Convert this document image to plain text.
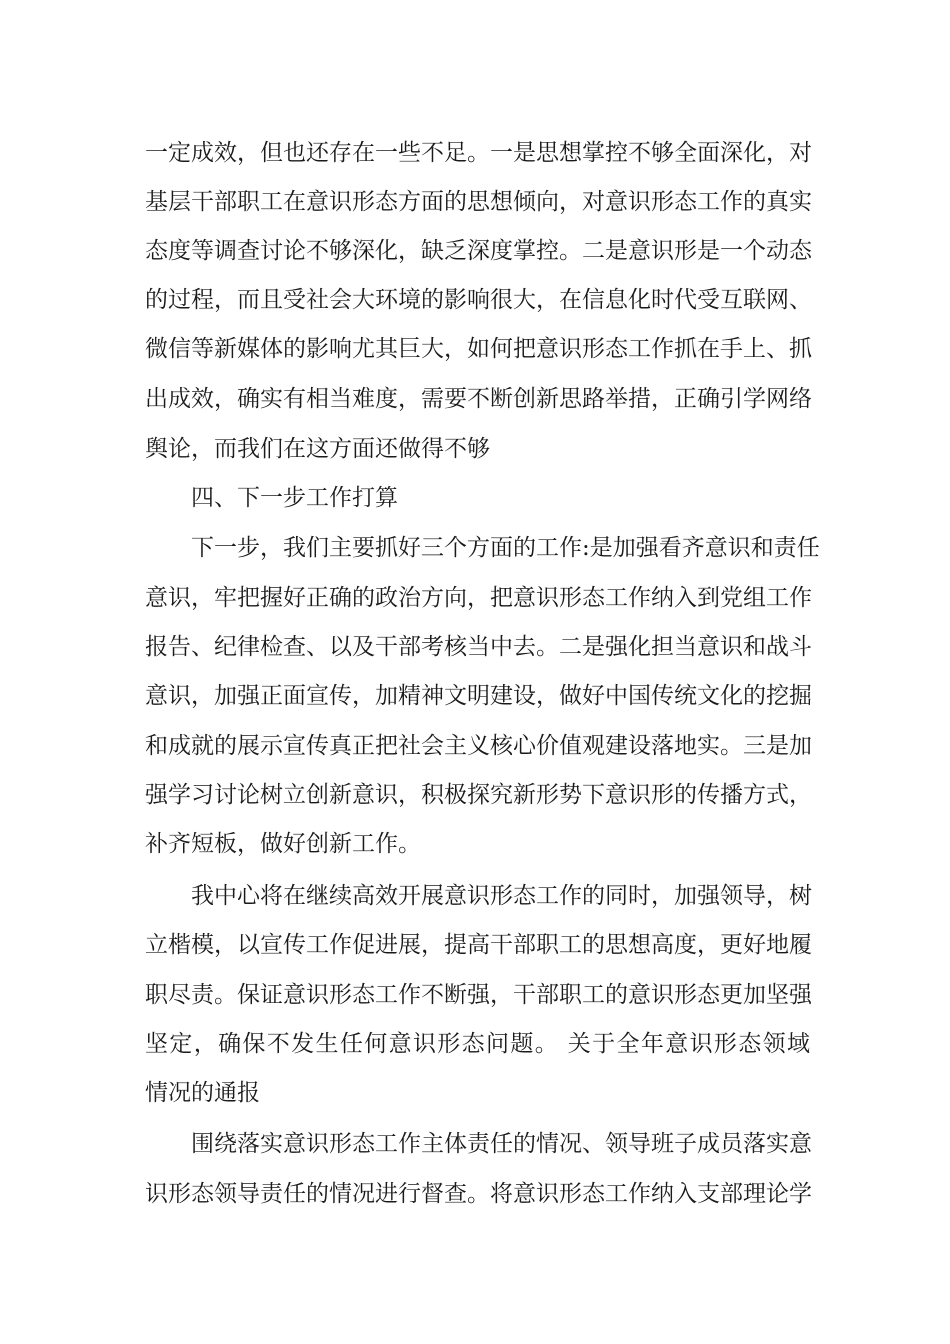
一定成效，但也还存在一些不足。一是思想掌控不够全面深化，对

基层干部职工在意识形态方面的思想倾向，对意识形态工作的真实

态度等调查讨论不够深化，缺乏深度掌控。二是意识形是一个动态

的过程，而且受社会大环境的影响很大，在信息化时代受互联网、

微信等新媒体的影响尤其巨大，如何把意识形态工作抓在手上、抓

出成效，确实有相当难度，需要不断创新思路举措，正确引学网络

舆论，而我们在这方面还做得不够

四、下一步工作打算

下一步，我们主要抓好三个方面的工作:是加强看齐意识和责任

意识，牢把握好正确的政治方向，把意识形态工作纳入到党组工作

报告、纪律检查、以及干部考核当中去。二是强化担当意识和战斗

意识，加强正面宣传，加精神文明建设，做好中国传统文化的挖掘

和成就的展示宣传真正把社会主义核心价值观建设落地实。三是加

强学习讨论树立创新意识，积极探究新形势下意识形的传播方式，

补齐短板，做好创新工作。

我中心将在继续高效开展意识形态工作的同时，加强领导，树

立楷模，以宣传工作促进展，提高干部职工的思想高度，更好地履

职尽责。保证意识形态工作不断强，干部职工的意识形态更加坚强

坚定，确保不发生任何意识形态问题。 关于全年意识形态领域

情况的通报

围绕落实意识形态工作主体责任的情况、领导班子成员落实意

识形态领导责任的情况进行督查。将意识形态工作纳入支部理论学
